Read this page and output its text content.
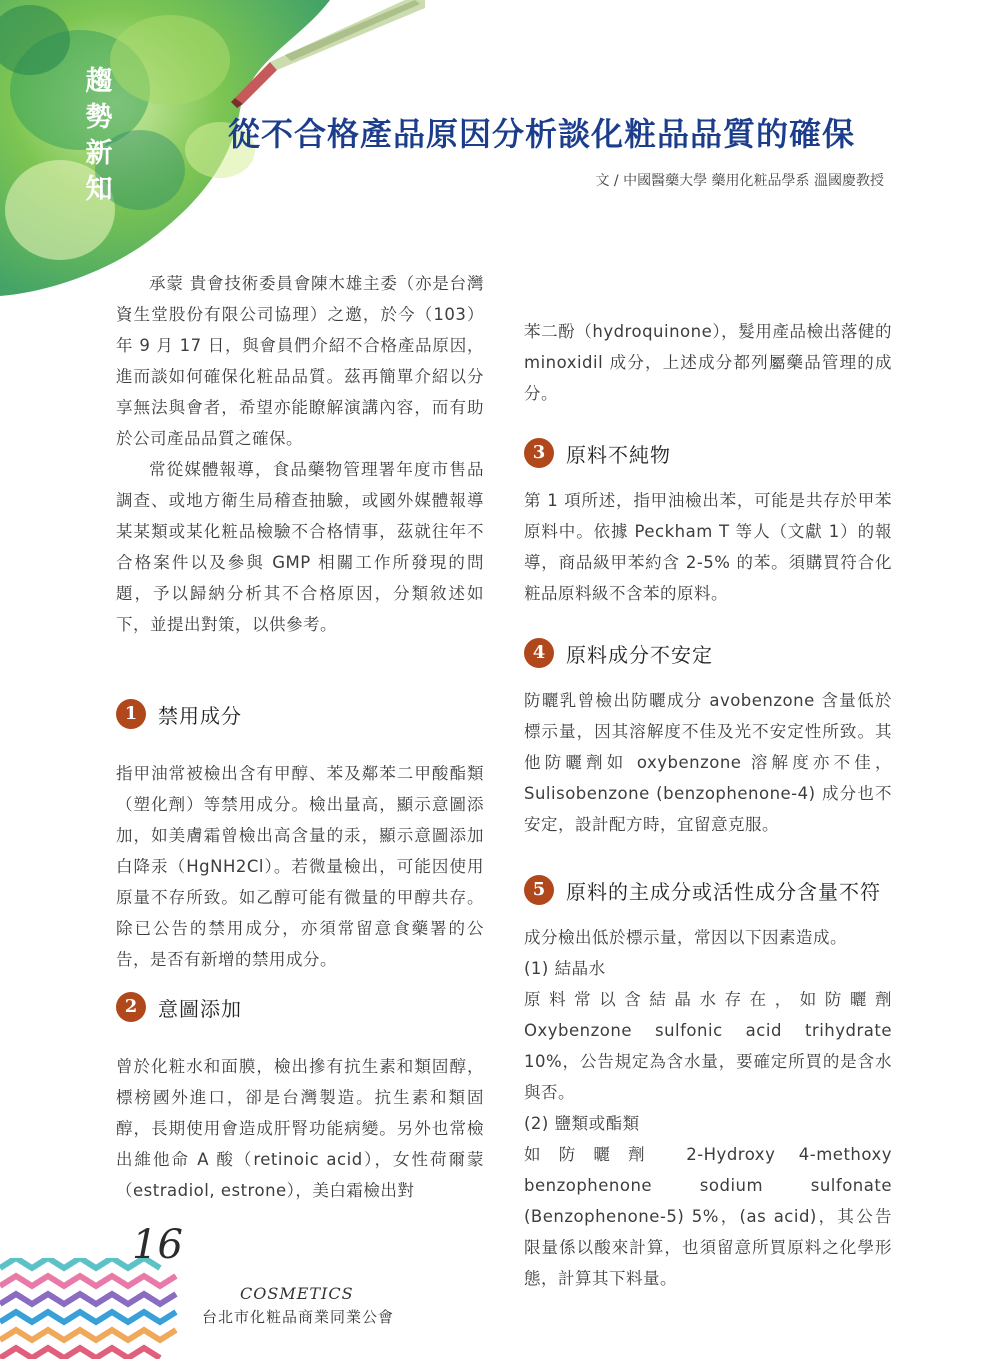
趨勢新知
從不合格產品原因分析談化粧品品質的確保
文 / 中國醫藥大學 藥用化粧品學系 溫國慶教授

承蒙 貴會技術委員會陳木雄主委（亦是台灣資生堂股份有限公司協理）之邀，於今（103）年 9 月 17 日，與會員們介紹不合格產品原因，進而談如何確保化粧品品質。茲再簡單介紹以分享無法與會者，希望亦能瞭解演講內容，而有助於公司產品品質之確保。

常從媒體報導，食品藥物管理署年度市售品調查、或地方衛生局稽查抽驗，或國外媒體報導某某類或某化粧品檢驗不合格情事，茲就往年不合格案件以及參與 GMP 相關工作所發現的問題，予以歸納分析其不合格原因，分類敘述如下，並提出對策，以供參考。

1	禁用成分

指甲油常被檢出含有甲醇、苯及鄰苯二甲酸酯類（塑化劑）等禁用成分。檢出量高，顯示意圖添加，如美膚霜曾檢出高含量的汞，顯示意圖添加白降汞（HgNH2Cl）。若微量檢出，可能因使用原量不存所致。如乙醇可能有微量的甲醇共存。除已公告的禁用成分，亦須常留意食藥署的公告，是否有新增的禁用成分。

2	意圖添加

曾於化粧水和面膜，檢出摻有抗生素和類固醇，標榜國外進口，卻是台灣製造。抗生素和類固醇，長期使用會造成肝腎功能病變。另外也常檢出維他命 A 酸（retinoic acid），女性荷爾蒙（estradiol, estrone），美白霜檢出對

苯二酚（hydroquinone），髮用產品檢出落健的 minoxidil 成分，上述成分都列屬藥品管理的成分。

3	原料不純物

第 1 項所述，指甲油檢出苯，可能是共存於甲苯原料中。依據 Peckham T 等人（文獻 1）的報導，商品級甲苯約含 2-5% 的苯。須購買符合化粧品原料級不含苯的原料。

4	原料成分不安定

防曬乳曾檢出防曬成分 avobenzone 含量低於標示量，因其溶解度不佳及光不安定性所致。其他防曬劑如 oxybenzone 溶解度亦不佳，Sulisobenzone (benzophenone-4) 成分也不安定，設計配方時，宜留意克服。

5	原料的主成分或活性成分含量不符

成分檢出低於標示量，常因以下因素造成。

(1) 結晶水

原料常以含結晶水存在，如防曬劑 Oxybenzone sulfonic acid trihydrate 10%，公告規定為含水量，要確定所買的是含水與否。

(2) 鹽類或酯類

如防曬劑 2-Hydroxy 4-methoxy benzophenone sodium sulfonate (Benzophenone-5) 5%，(as acid)，其公告限量係以酸來計算，也須留意所買原料之化學形態，計算其下料量。

16
COSMETICS
台北市化粧品商業同業公會
